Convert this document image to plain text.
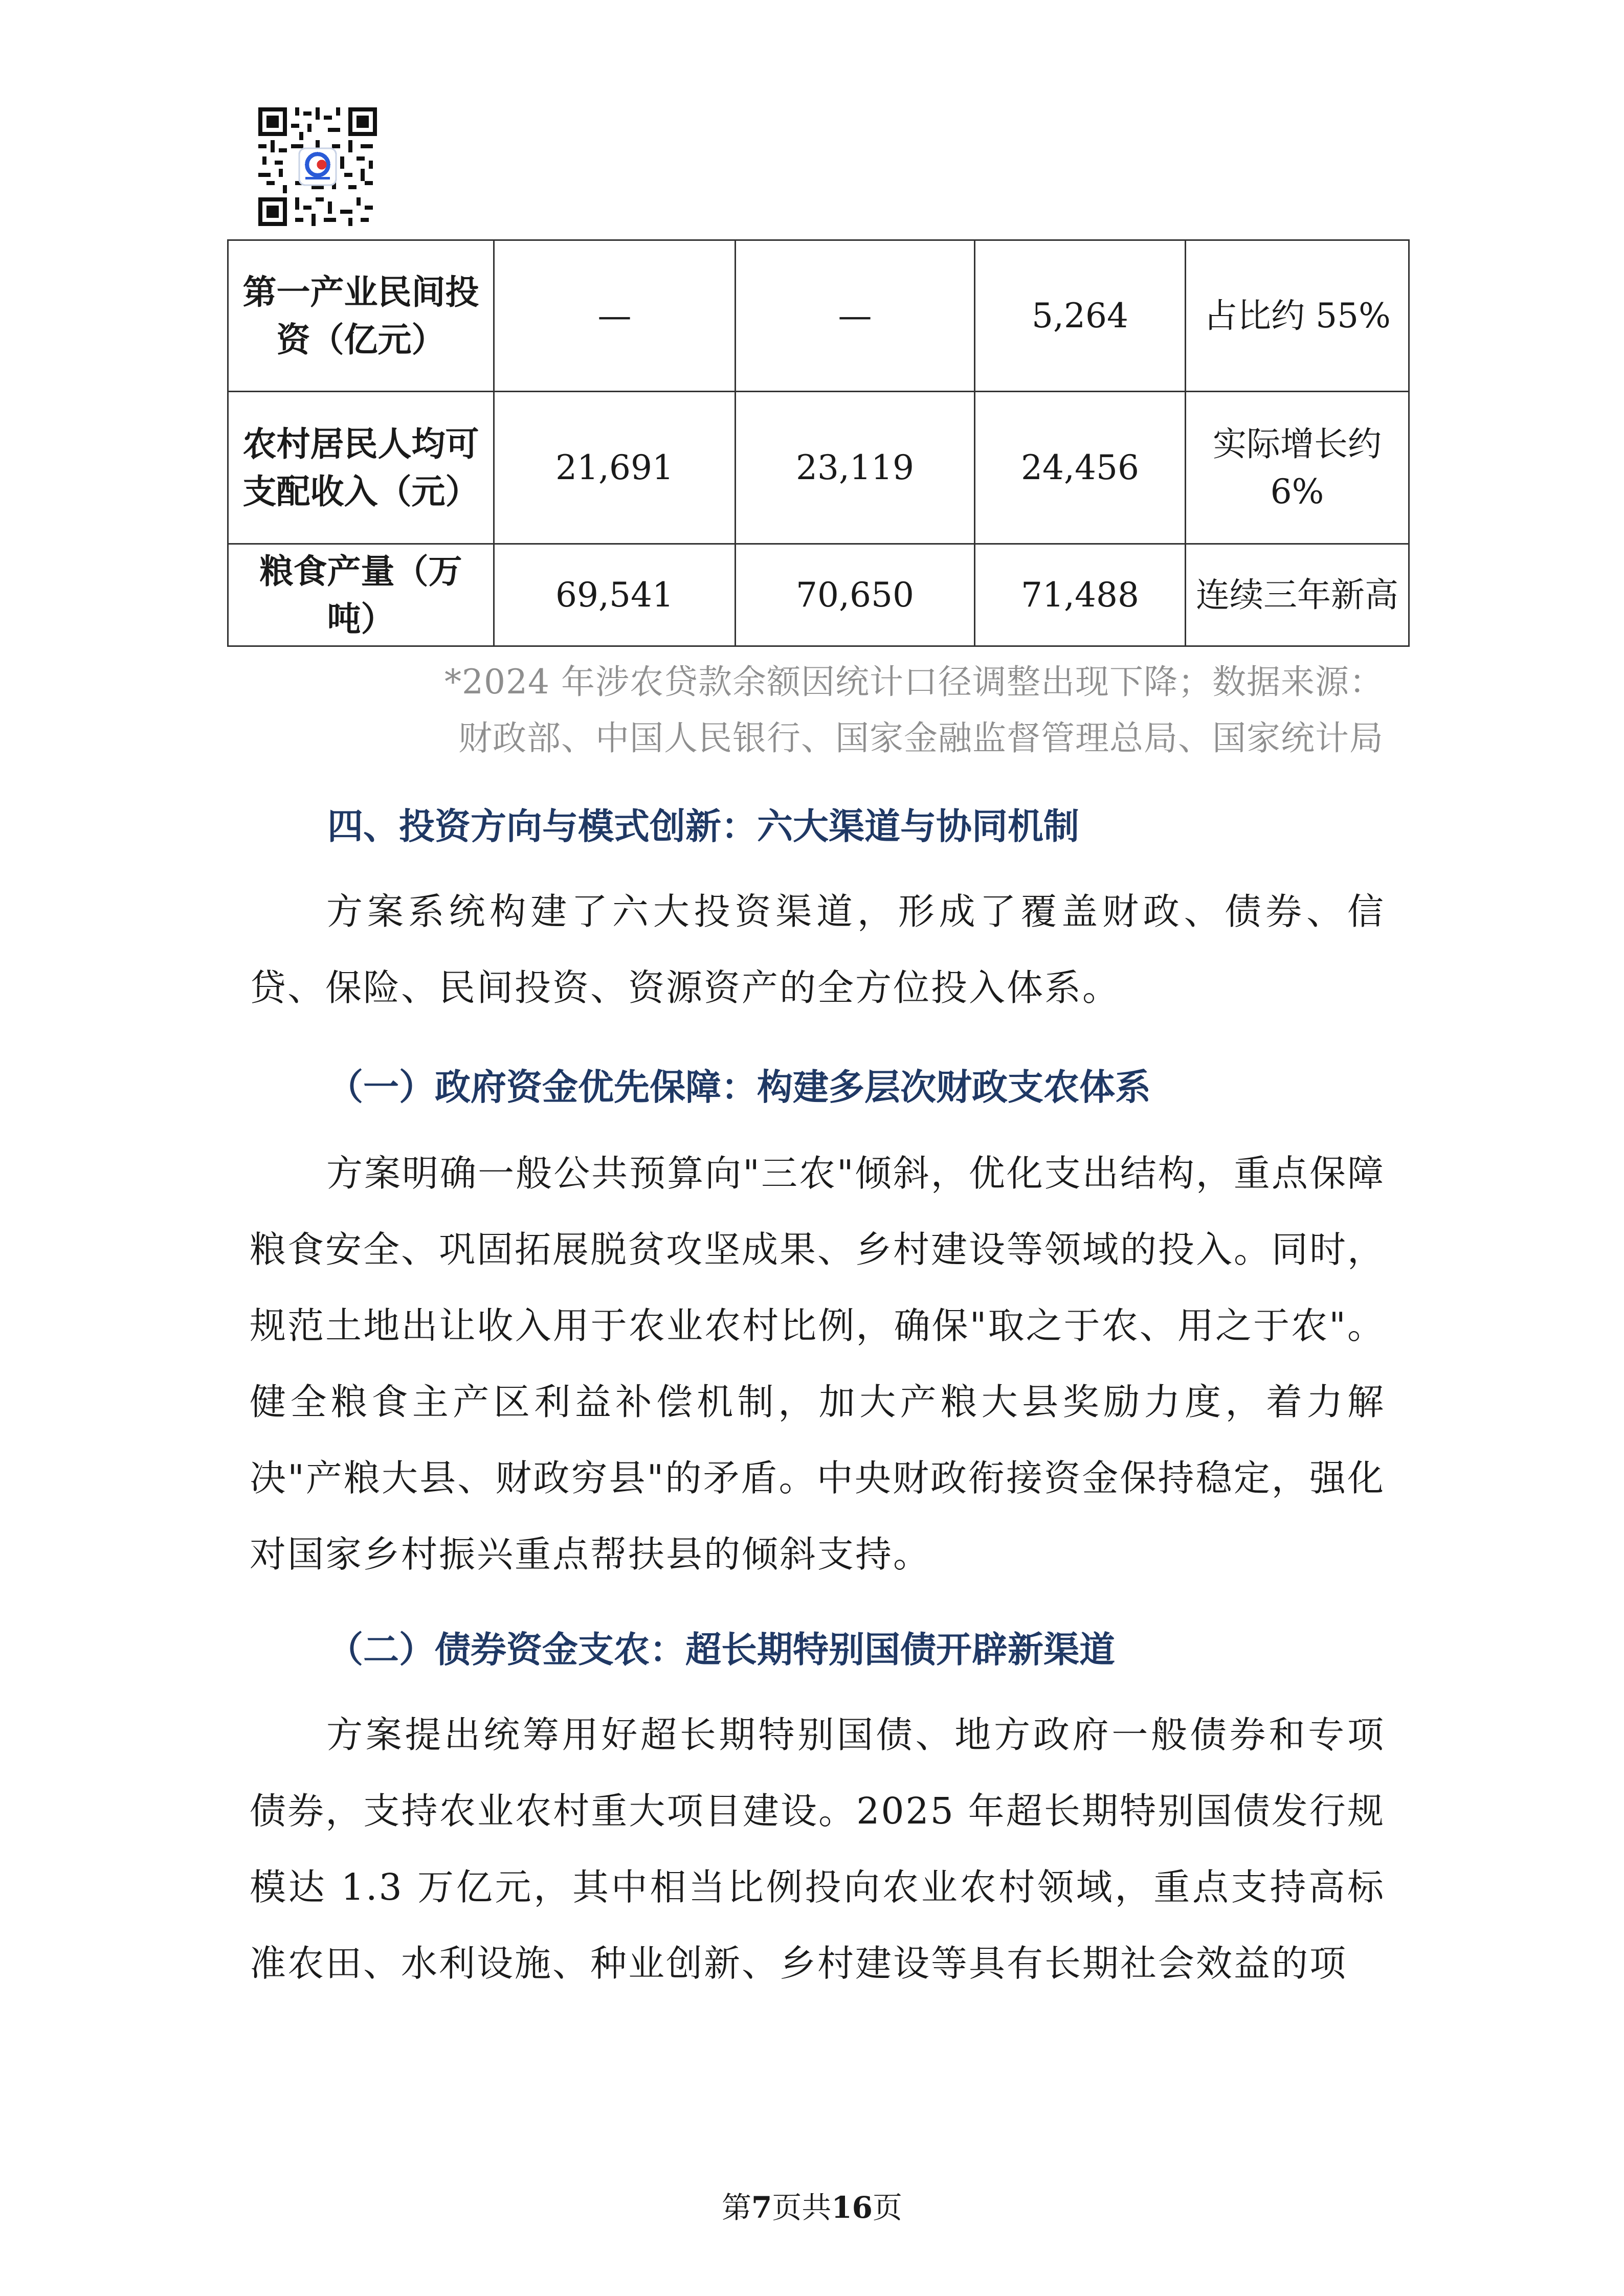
第一产业民间投资（亿元）	—	—	5,264	占比约 55%
农村居民人均可支配收入（元）	21,691	23,119	24,456	实际增长约 6%
粮食产量（万吨）	69,541	70,650	71,488	连续三年新高
*2024 年涉农贷款余额因统计口径调整出现下降；数据来源：
财政部、中国人民银行、国家金融监督管理总局、国家统计局
四、投资方向与模式创新：六大渠道与协同机制

方案系统构建了六大投资渠道，形成了覆盖财政、债券、信贷、保险、民间投资、资源资产的全方位投入体系。

（一）政府资金优先保障：构建多层次财政支农体系

方案明确一般公共预算向"三农"倾斜，优化支出结构，重点保障粮食安全、巩固拓展脱贫攻坚成果、乡村建设等领域的投入。同时，规范土地出让收入用于农业农村比例，确保"取之于农、用之于农"。健全粮食主产区利益补偿机制，加大产粮大县奖励力度，着力解决"产粮大县、财政穷县"的矛盾。中央财政衔接资金保持稳定，强化对国家乡村振兴重点帮扶县的倾斜支持。

（二）债券资金支农：超长期特别国债开辟新渠道

方案提出统筹用好超长期特别国债、地方政府一般债券和专项债券，支持农业农村重大项目建设。2025 年超长期特别国债发行规模达 1.3 万亿元，其中相当比例投向农业农村领域，重点支持高标准农田、水利设施、种业创新、乡村建设等具有长期社会效益的项

第7页共16页
